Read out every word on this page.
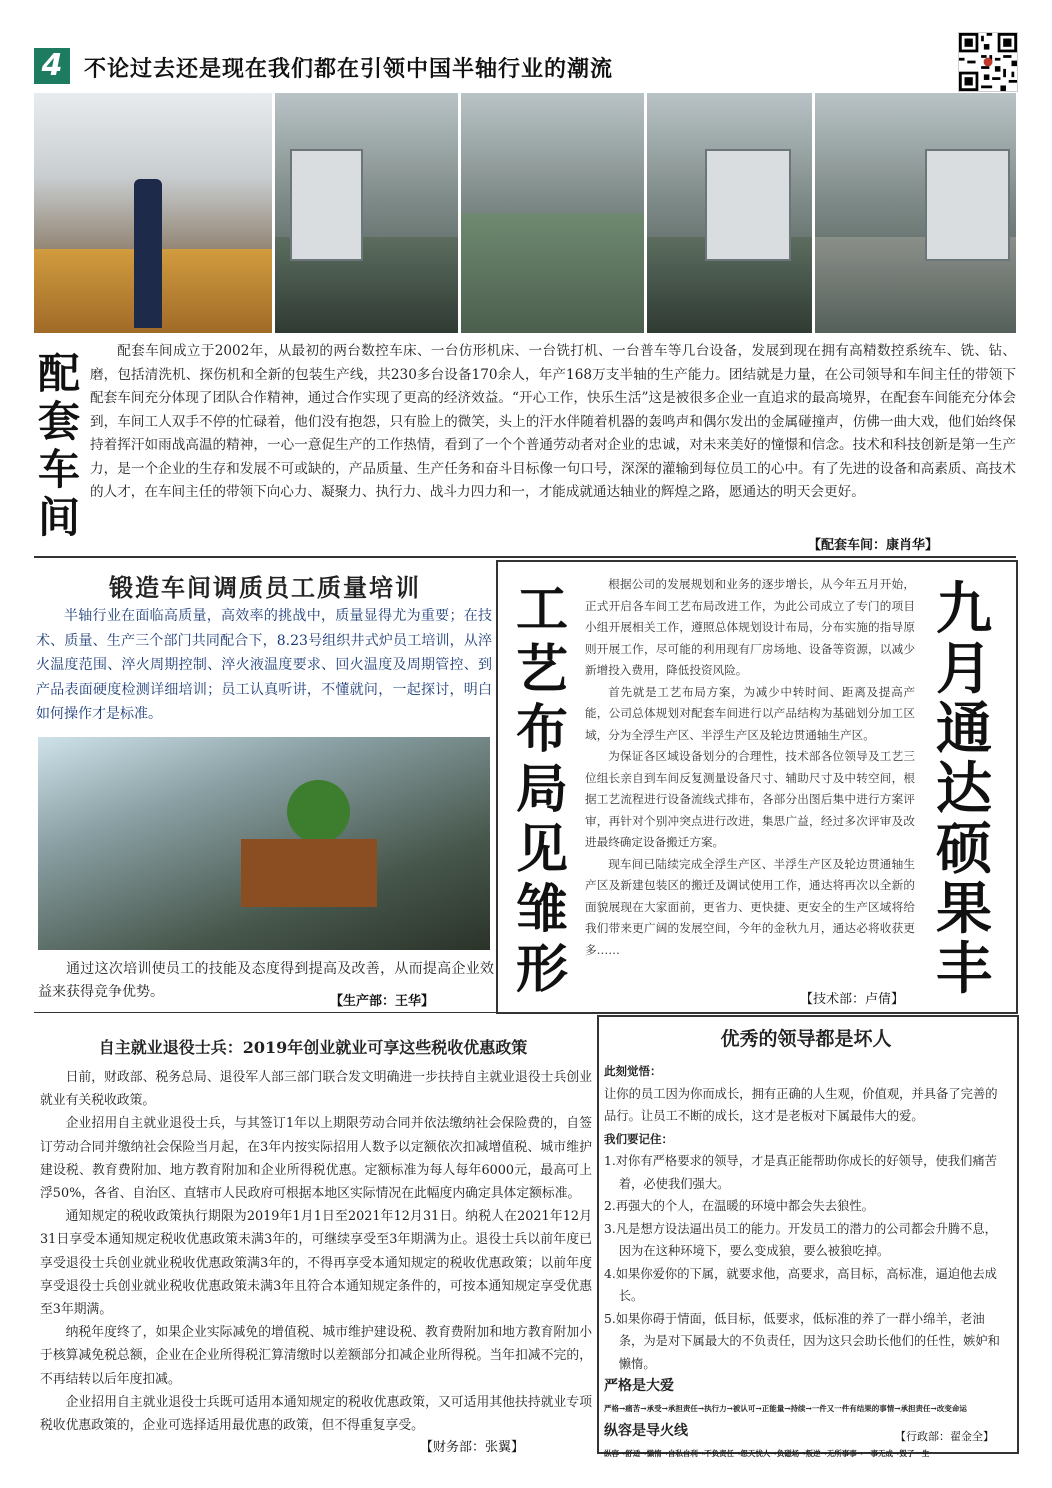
4 不论过去还是现在我们都在引领中国半轴行业的潮流
配套车间
配套车间成立于2002年，从最初的两台数控车床、一台仿形机床、一台铣打机、一台普车等几台设备，发展到现在拥有高精数控系统车、铣、钻、磨，包括清洗机、探伤机和全新的包装生产线，共230多台设备170余人，年产168万支半轴的生产能力。团结就是力量，在公司领导和车间主任的带领下配套车间充分体现了团队合作精神，通过合作实现了更高的经济效益。“开心工作，快乐生活”这是被很多企业一直追求的最高境界，在配套车间能充分体会到，车间工人双手不停的忙碌着，他们没有抱怨，只有脸上的微笑，头上的汗水伴随着机器的轰鸣声和偶尔发出的金属碰撞声，仿佛一曲大戏，他们始终保持着挥汗如雨战高温的精神，一心一意促生产的工作热情，看到了一个个普通劳动者对企业的忠诚，对未来美好的憧憬和信念。技术和科技创新是第一生产力，是一个企业的生存和发展不可或缺的，产品质量、生产任务和奋斗目标像一句口号，深深的灌输到每位员工的心中。有了先进的设备和高素质、高技术的人才，在车间主任的带领下向心力、凝聚力、执行力、战斗力四力和一，才能成就通达轴业的辉煌之路，愿通达的明天会更好。
【配套车间：康肖华】
锻造车间调质员工质量培训
半轴行业在面临高质量，高效率的挑战中，质量显得尤为重要；在技术、质量、生产三个部门共同配合下，8.23号组织井式炉员工培训，从淬火温度范围、淬火周期控制、淬火液温度要求、回火温度及周期管控、到产品表面硬度检测详细培训；员工认真听讲，不懂就问，一起探讨，明白如何操作才是标准。
通过这次培训使员工的技能及态度得到提高及改善，从而提高企业效益来获得竞争优势。
【生产部：王华】
工艺布局见雏形
根据公司的发展规划和业务的逐步增长，从今年五月开始，正式开启各车间工艺布局改进工作，为此公司成立了专门的项目小组开展相关工作，遵照总体规划设计布局，分布实施的指导原则开展工作，尽可能的利用现有厂房场地、设备等资源，以减少新增投入费用，降低投资风险。
首先就是工艺布局方案，为减少中转时间、距离及提高产能，公司总体规划对配套车间进行以产品结构为基础划分加工区域，分为全浮生产区、半浮生产区及轮边贯通轴生产区。
为保证各区域设备划分的合理性，技术部各位领导及工艺三位组长亲自到车间反复测量设备尺寸、辅助尺寸及中转空间，根据工艺流程进行设备流线式排布，各部分出图后集中进行方案评审，再针对个别冲突点进行改进，集思广益，经过多次评审及改进最终确定设备搬迁方案。
现车间已陆续完成全浮生产区、半浮生产区及轮边贯通轴生产区及新建包装区的搬迁及调试使用工作，通达将再次以全新的面貌展现在大家面前，更省力、更快捷、更安全的生产区域将给我们带来更广阔的发展空间，今年的金秋九月，通达必将收获更多……
九月通达硕果丰
【技术部：卢倩】
自主就业退役士兵：2019年创业就业可享这些税收优惠政策
日前，财政部、税务总局、退役军人部三部门联合发文明确进一步扶持自主就业退役士兵创业就业有关税收政策。
企业招用自主就业退役士兵，与其签订1年以上期限劳动合同并依法缴纳社会保险费的，自签订劳动合同并缴纳社会保险当月起，在3年内按实际招用人数予以定额依次扣减增值税、城市维护建设税、教育费附加、地方教育附加和企业所得税优惠。定额标准为每人每年6000元，最高可上浮50%，各省、自治区、直辖市人民政府可根据本地区实际情况在此幅度内确定具体定额标准。
通知规定的税收政策执行期限为2019年1月1日至2021年12月31日。纳税人在2021年12月31日享受本通知规定税收优惠政策未满3年的，可继续享受至3年期满为止。退役士兵以前年度已享受退役士兵创业就业税收优惠政策满3年的，不得再享受本通知规定的税收优惠政策；以前年度享受退役士兵创业就业税收优惠政策未满3年且符合本通知规定条件的，可按本通知规定享受优惠至3年期满。
纳税年度终了，如果企业实际减免的增值税、城市维护建设税、教育费附加和地方教育附加小于核算减免税总额，企业在企业所得税汇算清缴时以差额部分扣减企业所得税。当年扣减不完的，不再结转以后年度扣减。
企业招用自主就业退役士兵既可适用本通知规定的税收优惠政策，又可适用其他扶持就业专项税收优惠政策的，企业可选择适用最优惠的政策，但不得重复享受。
【财务部：张翼】
优秀的领导都是坏人
此刻觉悟：
让你的员工因为你而成长，拥有正确的人生观，价值观，并具备了完善的品行。让员工不断的成长，这才是老板对下属最伟大的爱。
我们要记住：
1.对你有严格要求的领导，才是真正能帮助你成长的好领导，使我们痛苦着，必使我们强大。
2.再强大的个人，在温暖的环境中都会失去狼性。
3.凡是想方设法逼出员工的能力。开发员工的潜力的公司都会升腾不息，因为在这种环境下，要么变成狼，要么被狼吃掉。
4.如果你爱你的下属，就要求他，高要求，高目标，高标准，逼迫他去成长。
5.如果你碍于情面，低目标，低要求，低标准的养了一群小绵羊，老油条，为是对下属最大的不负责任，因为这只会助长他们的任性，嫉妒和懒惰。
严格是大爱
严格→痛苦→承受→承担责任→执行力→被认可→正能量→持续→一件又一件有结果的事情→承担责任→改变命运
纵容是导火线
纵容→舒适→懒惰→自私自利→不负责任→怨天忧人→负磁场→叛逆→无所事事→一事无成→毁了一生
【行政部：翟金全】
